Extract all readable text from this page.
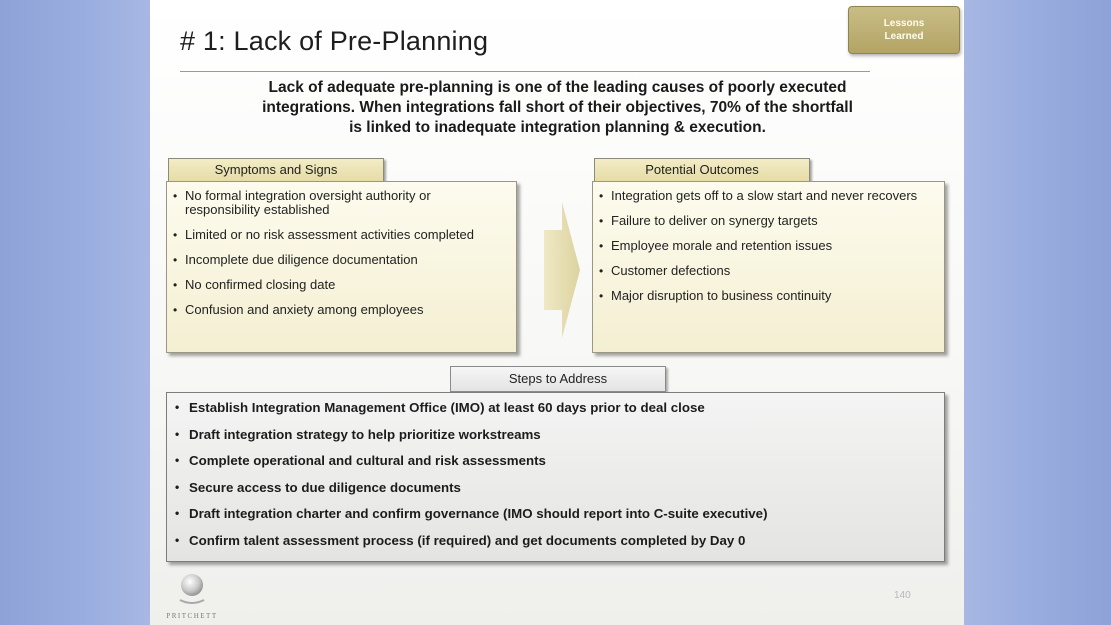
# 1: Lack of Pre-Planning
Lessons
Learned
Lack of adequate pre-planning is one of the leading causes of poorly executed
integrations. When integrations fall short of their objectives, 70% of the shortfall
is linked to inadequate integration planning & execution.
Symptoms and Signs
• No formal integration oversight authority or responsibility established
• Limited or no risk assessment activities completed
• Incomplete due diligence documentation
• No confirmed closing date
• Confusion and anxiety among employees
Potential Outcomes
• Integration gets off to a slow start and never recovers
• Failure to deliver on synergy targets
• Employee morale and retention issues
• Customer defections
• Major disruption to business continuity
Steps to Address
• Establish Integration Management Office (IMO) at least 60 days prior to deal close
• Draft integration strategy to help prioritize workstreams
• Complete operational and cultural and risk assessments
• Secure access to due diligence documents
• Draft integration charter and confirm governance (IMO should report into C-suite executive)
• Confirm talent assessment process (if required) and get documents completed by Day 0
PRITCHETT
140
